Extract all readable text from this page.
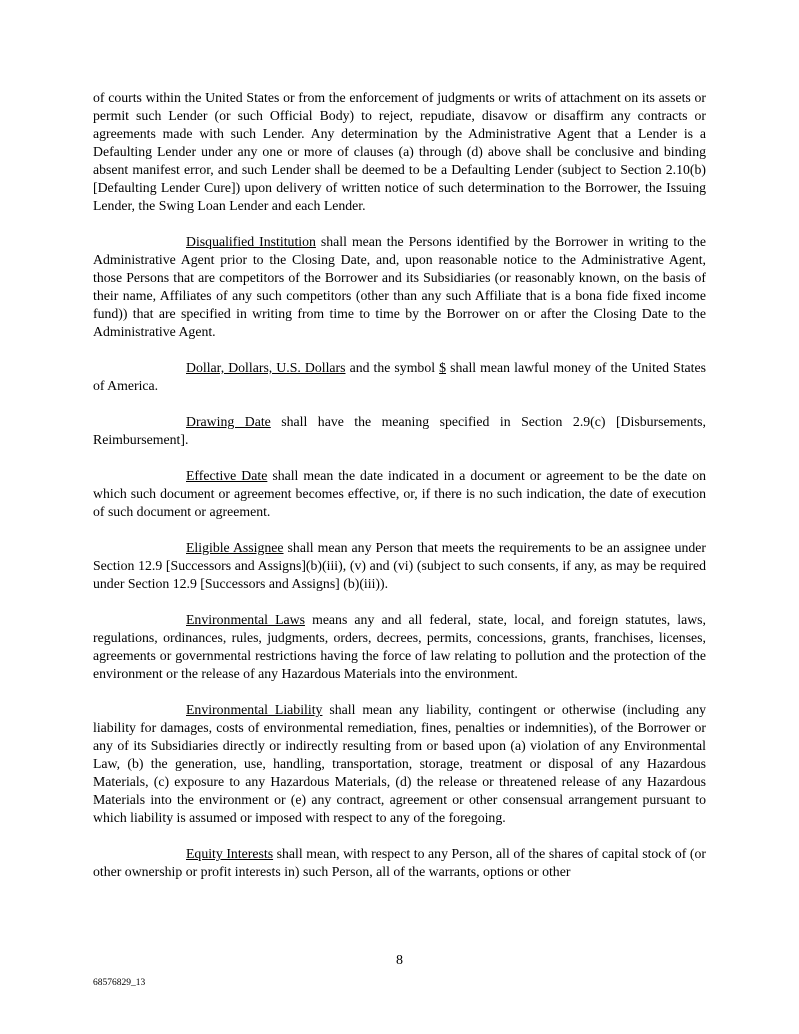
of courts within the United States or from the enforcement of judgments or writs of attachment on its assets or permit such Lender (or such Official Body) to reject, repudiate, disavow or disaffirm any contracts or agreements made with such Lender. Any determination by the Administrative Agent that a Lender is a Defaulting Lender under any one or more of clauses (a) through (d) above shall be conclusive and binding absent manifest error, and such Lender shall be deemed to be a Defaulting Lender (subject to Section 2.10(b) [Defaulting Lender Cure]) upon delivery of written notice of such determination to the Borrower, the Issuing Lender, the Swing Loan Lender and each Lender.

Disqualified Institution shall mean the Persons identified by the Borrower in writing to the Administrative Agent prior to the Closing Date, and, upon reasonable notice to the Administrative Agent, those Persons that are competitors of the Borrower and its Subsidiaries (or reasonably known, on the basis of their name, Affiliates of any such competitors (other than any such Affiliate that is a bona fide fixed income fund)) that are specified in writing from time to time by the Borrower on or after the Closing Date to the Administrative Agent.

Dollar, Dollars, U.S. Dollars and the symbol $ shall mean lawful money of the United States of America.

Drawing Date shall have the meaning specified in Section 2.9(c) [Disbursements, Reimbursement].

Effective Date shall mean the date indicated in a document or agreement to be the date on which such document or agreement becomes effective, or, if there is no such indication, the date of execution of such document or agreement.

Eligible Assignee shall mean any Person that meets the requirements to be an assignee under Section 12.9 [Successors and Assigns](b)(iii), (v) and (vi) (subject to such consents, if any, as may be required under Section 12.9 [Successors and Assigns] (b)(iii)).

Environmental Laws means any and all federal, state, local, and foreign statutes, laws, regulations, ordinances, rules, judgments, orders, decrees, permits, concessions, grants, franchises, licenses, agreements or governmental restrictions having the force of law relating to pollution and the protection of the environment or the release of any Hazardous Materials into the environment.

Environmental Liability shall mean any liability, contingent or otherwise (including any liability for damages, costs of environmental remediation, fines, penalties or indemnities), of the Borrower or any of its Subsidiaries directly or indirectly resulting from or based upon (a) violation of any Environmental Law, (b) the generation, use, handling, transportation, storage, treatment or disposal of any Hazardous Materials, (c) exposure to any Hazardous Materials, (d) the release or threatened release of any Hazardous Materials into the environment or (e) any contract, agreement or other consensual arrangement pursuant to which liability is assumed or imposed with respect to any of the foregoing.

Equity Interests shall mean, with respect to any Person, all of the shares of capital stock of (or other ownership or profit interests in) such Person, all of the warrants, options or other

8
68576829_13
